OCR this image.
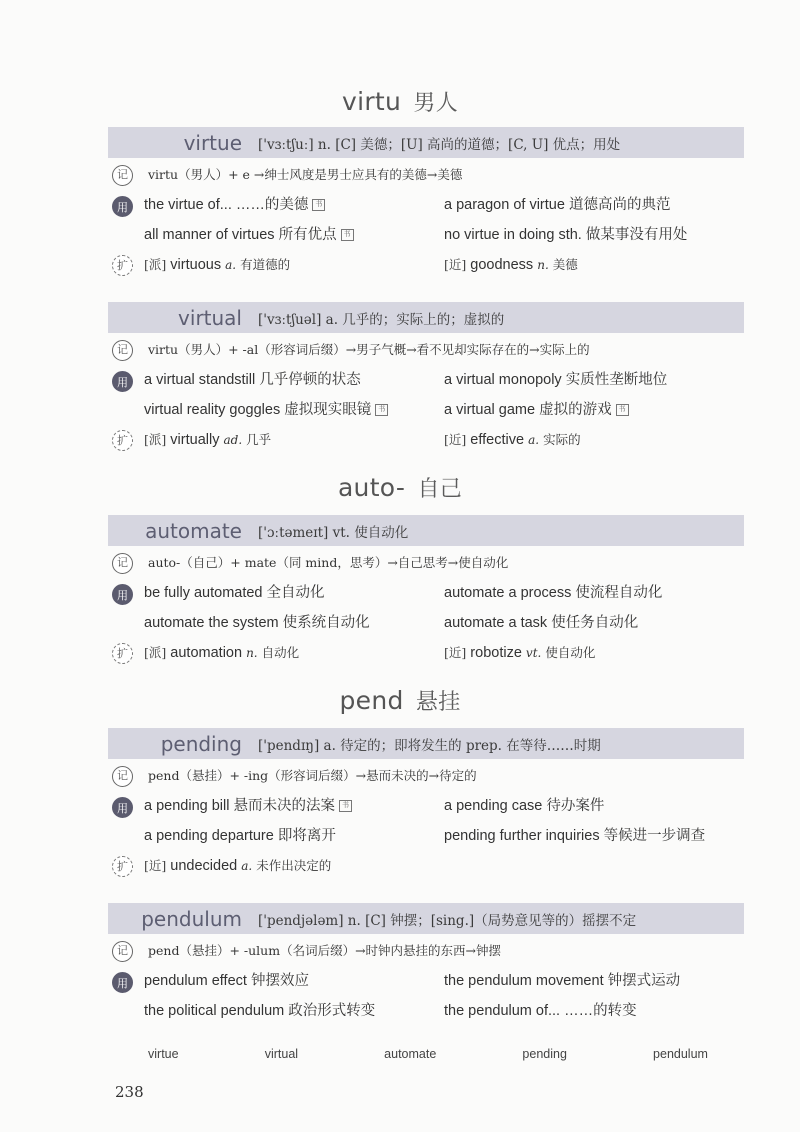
virtu 男人
virtue	['vɜːtʃuː] n. [C] 美德；[U] 高尚的道德；[C, U] 优点；用处
记	virtu（男人）+ e →绅士风度是男士应具有的美德→美德
用	the virtue of... ……的美德 书	a paragon of virtue 道德高尚的典范
all manner of virtues 所有优点 书	no virtue in doing sth. 做某事没有用处
扩	[派] virtuous a. 有道德的	[近] goodness n. 美德
virtual	['vɜːtʃuəl] a. 几乎的；实际上的；虚拟的
记	virtu（男人）+ -al（形容词后缀）→男子气概→看不见却实际存在的→实际上的
用	a virtual standstill 几乎停顿的状态	a virtual monopoly 实质性垄断地位
virtual reality goggles 虚拟现实眼镜 书	a virtual game 虚拟的游戏 书
扩	[派] virtually ad. 几乎	[近] effective a. 实际的
auto- 自己
automate	['ɔːtəmeɪt] vt. 使自动化
记	auto-（自己）+ mate（同 mind，思考）→自己思考→使自动化
用	be fully automated 全自动化	automate a process 使流程自动化
automate the system 使系统自动化	automate a task 使任务自动化
扩	[派] automation n. 自动化	[近] robotize vt. 使自动化
pend 悬挂
pending	['pendɪŋ] a. 待定的；即将发生的 prep. 在等待……时期
记	pend（悬挂）+ -ing（形容词后缀）→悬而未决的→待定的
用	a pending bill 悬而未决的法案 书	a pending case 待办案件
a pending departure 即将离开	pending further inquiries 等候进一步调查
扩	[近] undecided a. 未作出决定的
pendulum	['pendjələm] n. [C] 钟摆；[sing.]（局势意见等的）摇摆不定
记	pend（悬挂）+ -ulum（名词后缀）→时钟内悬挂的东西→钟摆
用	pendulum effect 钟摆效应	the pendulum movement 钟摆式运动
the political pendulum 政治形式转变	the pendulum of... ……的转变
virtue	virtual	automate	pending	pendulum
238
